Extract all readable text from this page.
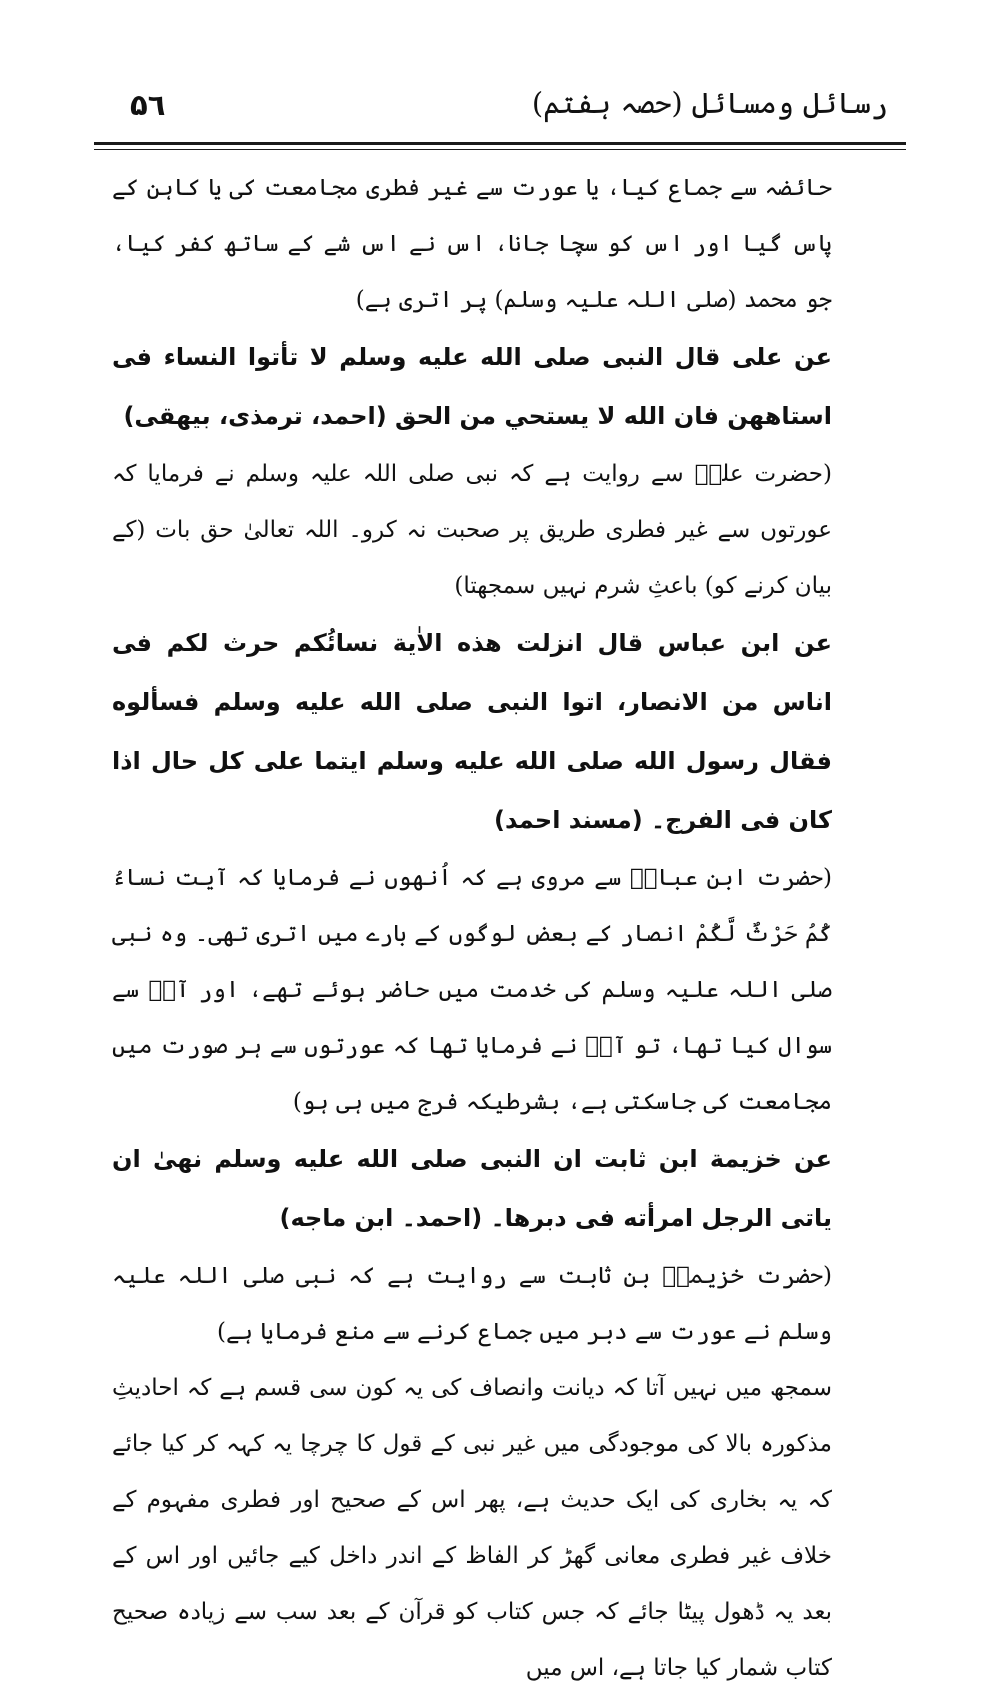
رسائل ومسائل (حصہ ہفتم)
۵٦

حائضہ سے جماع کیا، یا عورت سے غیر فطری مجامعت کی یا کاہن کے پاس گیا اور اس کو سچا جانا، اس نے اس شے کے ساتھ کفر کیا، جو محمد (صلی اللہ علیہ وسلم) پر اتری ہے)

عن علی قال النبی صلی الله علیه وسلم لا تأتوا النساء فی استاهھن فان الله لا یستحي من الحق (احمد، ترمذی، بیھقی)

(حضرت علیؓ سے روایت ہے کہ نبی صلی اللہ علیہ وسلم نے فرمایا کہ عورتوں سے غیر فطری طریق پر صحبت نہ کرو۔ اللہ تعالیٰ حق بات (کے بیان کرنے کو) باعثِ شرم نہیں سمجھتا)

عن ابن عباس قال انزلت هذه الاٰية نسائُکم حرث لکم فی اناس من الانصار، اتوا النبی صلی الله علیه وسلم فسألوه فقال رسول الله صلی الله علیه وسلم ایتما علی کل حال اذا کان فی الفرج۔ (مسند احمد)

(حضرت ابن عباسؓ سے مروی ہے کہ اُنھوں نے فرمایا کہ آیت نساءُ کُمُ حَرْثٌ لَّکُمْ انصار کے بعض لوگوں کے بارے میں اتری تھی۔ وہ نبی صلی اللہ علیہ وسلم کی خدمت میں حاضر ہوئے تھے، اور آپؐ سے سوال کیا تھا، تو آپؐ نے فرمایا تھا کہ عورتوں سے ہر صورت میں مجامعت کی جاسکتی ہے، بشرطیکہ فرج میں ہی ہو)

عن خزیمة ابن ثابت ان النبی صلی الله علیه وسلم نهیٰ ان یاتی الرجل امرأته فی دبرها۔ (احمد۔ ابن ماجه)

(حضرت خزیمہؓ بن ثابت سے روایت ہے کہ نبی صلی اللہ علیہ وسلم نے عورت سے دبر میں جماع کرنے سے منع فرمایا ہے)

سمجھ میں نہیں آتا کہ دیانت وانصاف کی یہ کون سی قسم ہے کہ احادیثِ مذکورہ بالا کی موجودگی میں غیر نبی کے قول کا چرچا یہ کہہ کر کیا جائے کہ یہ بخاری کی ایک حدیث ہے، پھر اس کے صحیح اور فطری مفہوم کے خلاف غیر فطری معانی گھڑ کر الفاظ کے اندر داخل کیے جائیں اور اس کے بعد یہ ڈھول پیٹا جائے کہ جس کتاب کو قرآن کے بعد سب سے زیادہ صحیح کتاب شمار کیا جاتا ہے، اس میں
